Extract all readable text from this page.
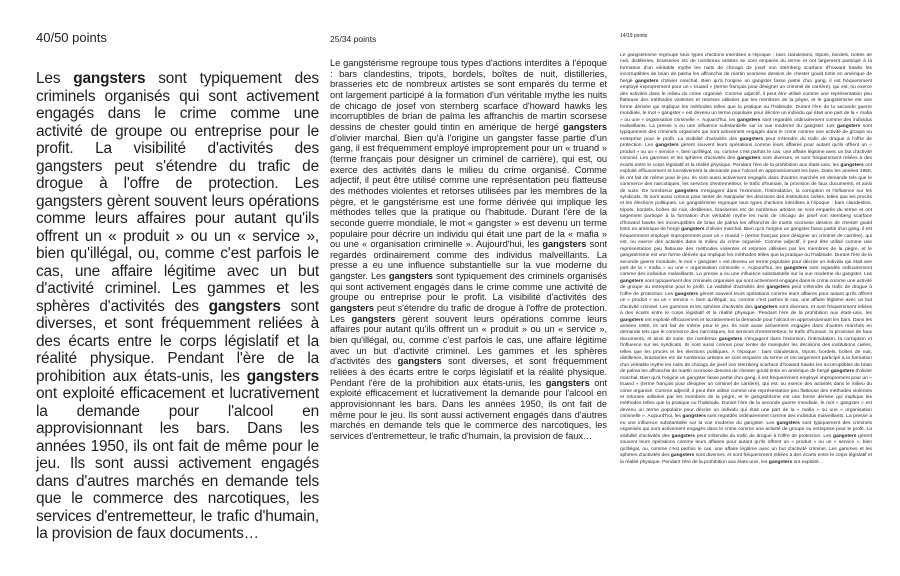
40/50 points

Les gangsters sont typiquement des criminels organisés qui sont activement engagés dans le crime comme une activité de groupe ou entreprise pour le profit. La visibilité d'activités des gangsters peut s'étendre du trafic de drogue à l'offre de protection. Les gangsters gèrent souvent leurs opérations comme leurs affaires pour autant qu'ils offrent un « produit » ou un « service », bien qu'illégal, ou, comme c'est parfois le cas, une affaire légitime avec un but d'activité criminel. Les gammes et les sphères d'activités des gangsters sont diverses, et sont fréquemment reliées à des écarts entre le corps législatif et la réalité physique. Pendant l'ère de la prohibition aux états-unis, les gangsters ont exploité efficacement et lucrativement la demande pour l'alcool en approvisionnant les bars. Dans les années 1950, ils ont fait de même pour le jeu. Ils sont aussi activement engagés dans d'autres marchés en demande tels que le commerce des narcotiques, les services d'entremetteur, le trafic d'humain, la provision de faux documents…

25/34 points

Le gangstérisme regroupe tous types d'actions interdites à l'époque : bars clandestins, tripots, bordels, boîtes de nuit, distilleries, brasseries etc de nombreux artistes se sont emparés du terme et ont largement participé à la formation d'un véritable mythe les nuits de chicago de josef von sternberg scarface d'howard hawks les incorruptibles de brian de palma les affranchis de martin scorsese dessins de chester gould tintin en amérique de hergé gangsters d'olivier marchal. Bien qu'à l'origine un gangster fasse partie d'un gang, il est fréquemment employé improprement pour un « truand » (terme français pour désigner un criminel de carrière), qui est, ou exerce des activités dans le milieu du crime organisé. Comme adjectif, il peut être utilisé comme une représentation peu flatteuse des méthodes violentes et retorses utilisées par les membres de la pègre, et le gangstérisme est une forme dérivée qui implique les méthodes telles que la pratique ou l'habitude. Durant l'ère de la seconde guerre mondiale, le mot « gangster » est devenu un terme populaire pour décrire un individu qui était une part de la « mafia » ou une « organisation criminelle ». Aujourd'hui, les gangsters sont regardés ordinairement comme des individus malveillants. La presse a eu une influence substantielle sur la vue moderne du gangster. Les gangsters sont typiquement des criminels organisés qui sont activement engagés dans le crime comme une activité de groupe ou entreprise pour le profit. La visibilité d'activités des gangsters peut s'étendre du trafic de drogue à l'offre de protection. Les gangsters gèrent souvent leurs opérations comme leurs affaires pour autant qu'ils offrent un « produit » ou un « service », bien qu'illégal, ou, comme c'est parfois le cas, une affaire légitime avec un but d'activité criminel. Les gammes et les sphères d'activités des gangsters sont diverses, et sont fréquemment reliées à des écarts entre le corps législatif et la réalité physique. Pendant l'ère de la prohibition aux états-unis, les gangsters ont exploité efficacement et lucrativement la demande pour l'alcool en approvisionnant les bars. Dans les années 1950, ils ont fait de même pour le jeu. Ils sont aussi activement engagés dans d'autres marchés en demande tels que le commerce des narcotiques, les services d'entremetteur, le trafic d'humain, la provision de faux…

14/19 points

Le gangstérisme regroupe tous types d'actions interdites à l'époque : bars clandestins, tripots, bordels, boîtes de nuit, distilleries, brasseries etc de nombreux artistes se sont emparés du terme et ont largement participé à la formation d'un véritable mythe les nuits de chicago de josef von sternberg scarface d'howard hawks les incorruptibles de brian de palma les affranchis de martin scorsese dessins de chester gould tintin en amérique de hergé gangsters d'olivier marchal. Bien qu'à l'origine un gangster fasse partie d'un gang, il est fréquemment employé improprement pour un « truand » (terme français pour désigner un criminel de carrière), qui est, ou exerce des activités dans le milieu du crime organisé. Comme adjectif, il peut être utilisé comme une représentation peu flatteuse des méthodes violentes et retorses utilisées par les membres de la pègre, et le gangstérisme est une forme dérivée qui implique les méthodes telles que la pratique ou l'habitude. Durant l'ère de la seconde guerre mondiale, le mot « gangster » est devenu un terme populaire pour décrire un individu qui était une part de la « mafia » ou une « organisation criminelle ». Aujourd'hui, les gangsters sont regardés ordinairement comme des individus malveillants. La presse a eu une influence substantielle sur la vue moderne du gangster. Les gangsters sont typiquement des criminels organisés qui sont activement engagés dans le crime comme une activité de groupe ou entreprise pour le profit. La visibilité d'activités des gangsters peut s'étendre du trafic de drogue à l'offre de protection. Les gangsters gèrent souvent leurs opérations comme leurs affaires pour autant qu'ils offrent un « produit » ou un « service », bien qu'illégal, ou, comme c'est parfois le cas, une affaire légitime avec un but d'activité criminel. Les gammes et les sphères d'activités des gangsters sont diverses, et sont fréquemment reliées à des écarts entre le corps législatif et la réalité physique. Pendant l'ère de la prohibition aux états-unis, les gangsters ont exploité efficacement et lucrativement la demande pour l'alcool en approvisionnant les bars. Dans les années 1950, ils ont fait de même pour le jeu. Ils sont aussi activement engagés dans d'autres marchés en demande tels que le commerce des narcotiques, les services d'entremetteur, le trafic d'humain, la provision de faux documents, et ainsi de suite. De nombreux gangsters s'engagent dans l'extorsion, l'intimidation, la corruption et l'influence sur les syndicats. Ils sont aussi connus pour tenter de manipuler les décisions des institutions civiles, telles que les procès et les élections politiques. Le gangstérisme regroupe tous types d'actions interdites à l'époque : bars clandestins, tripots, bordels, boîtes de nuit, distilleries, brasseries etc de nombreux artistes se sont emparés du terme et ont largement participé à la formation d'un véritable mythe les nuits de chicago de josef von sternberg scarface d'howard hawks les incorruptibles de brian de palma les affranchis de martin scorsese dessins de chester gould tintin en amérique de hergé gangsters d'olivier marchal. Bien qu'à l'origine un gangster fasse partie d'un gang, il est fréquemment employé improprement pour un « truand » (terme français pour désigner un criminel de carrière), qui est, ou exerce des activités dans le milieu du crime organisé. Comme adjectif, il peut être utilisé comme une représentation peu flatteuse des méthodes violentes et retorses utilisées par les membres de la pègre, et le gangstérisme est une forme dérivée qui implique les méthodes telles que la pratique ou l'habitude. Durant l'ère de la seconde guerre mondiale, le mot « gangster » est devenu un terme populaire pour décrire un individu qui était une part de la « mafia » ou une « organisation criminelle ». Aujourd'hui, les gangsters sont regardés ordinairement comme des individus malveillants. La presse a eu une influence substantielle sur la vue moderne du gangster. Les gangsters sont typiquement des criminels organisés qui sont activement engagés dans le crime comme une activité de groupe ou entreprise pour le profit. La visibilité d'activités des gangsters peut s'étendre du trafic de drogue à l'offre de protection. Les gangsters gèrent souvent leurs opérations comme leurs affaires pour autant qu'ils offrent un « produit » ou un « service », bien qu'illégal, ou, comme c'est parfois le cas, une affaire légitime avec un but d'activité criminel. Les gammes et les sphères d'activités des gangsters sont diverses, et sont fréquemment reliées à des écarts entre le corps législatif et la réalité physique. Pendant l'ère de la prohibition aux états-unis, les gangsters ont exploité efficacement et lucrativement la demande pour l'alcool en approvisionnant les bars. Dans les années 1950, ils ont fait de même pour le jeu. Ils sont aussi activement engagés dans d'autres marchés en demande tels que le commerce des narcotiques, les services d'entremetteur, le trafic d'humain, la provision de faux documents, et ainsi de suite. De nombreux gangsters s'engagent dans l'extorsion, l'intimidation, la corruption et l'influence sur les syndicats. Ils sont aussi connus pour tenter de manipuler les décisions des institutions civiles, telles que les procès et les élections politiques. À l'époque : bars clandestins, tripots, bordels, boîtes de nuit, distilleries, brasseries etc de nombreux artistes se sont emparés du terme et ont largement participé à la formation d'un véritable mythe les nuits de chicago de josef von sternberg scarface d'howard hawks les incorruptibles de brian de palma les affranchis de martin scorsese dessins de chester gould tintin en amérique de hergé gangsters d'olivier marchal. Bien qu'à l'origine un gangster fasse partie d'un gang, il est fréquemment employé improprement pour un « truand » (terme français pour désigner un criminel de carrière), qui est, ou exerce des activités dans le milieu du crime organisé. Comme adjectif, il peut être utilisé comme une représentation peu flatteuse des méthodes violentes et retorses utilisées par les membres de la pègre, et le gangstérisme est une forme dérivée qui implique les méthodes telles que la pratique ou l'habitude. Durant l'ère de la seconde guerre mondiale, le mot « gangster » est devenu un terme populaire pour décrire un individu qui était une part de la « mafia » ou une « organisation criminelle ». Aujourd'hui, les gangsters sont regardés ordinairement comme des individus malveillants. La presse a eu une influence substantielle sur la vue moderne du gangster. Les gangsters sont typiquement des criminels organisés qui sont activement engagés dans le crime comme une activité de groupe ou entreprise pour le profit. La visibilité d'activités des gangsters peut s'étendre du trafic de drogue à l'offre de protection. Les gangsters gèrent souvent leurs opérations comme leurs affaires pour autant qu'ils offrent un « produit » ou un « service », bien qu'illégal, ou, comme c'est parfois le cas, une affaire légitime avec un but d'activité criminel. Les gammes et les sphères d'activités des gangsters sont diverses, et sont fréquemment reliées à des écarts entre le corps législatif et la réalité physique. Pendant l'ère de la prohibition aux états-unis, les gangsters ont exploité…
